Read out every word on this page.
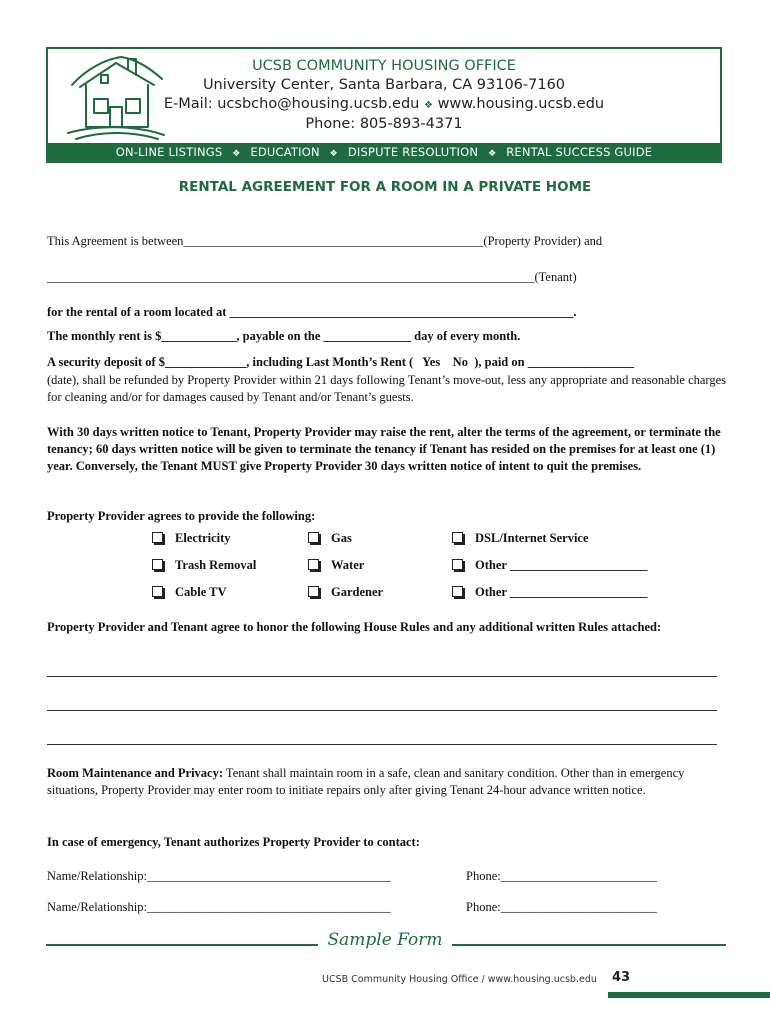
UCSB COMMUNITY HOUSING OFFICE
University Center, Santa Barbara, CA 93106-7160
E-Mail: ucsbcho@housing.ucsb.edu ❖ www.housing.ucsb.edu
Phone: 805-893-4371
ON-LINE LISTINGS ❖ EDUCATION ❖ DISPUTE RESOLUTION ❖ RENTAL SUCCESS GUIDE
RENTAL AGREEMENT FOR A ROOM IN A PRIVATE HOME
This Agreement is between________________________________________________(Property Provider) and
______________________________________________________________________________(Tenant)
for the rental of a room located at _______________________________________________________.
The monthly rent is $____________, payable on the ______________ day of every month.
A security deposit of $_____________, including Last Month’s Rent (   Yes    No  ), paid on _________________
(date), shall be refunded by Property Provider within 21 days following Tenant’s move-out, less any appropriate and reasonable charges for cleaning and/or for damages caused by Tenant and/or Tenant’s guests.
With 30 days written notice to Tenant, Property Provider may raise the rent, alter the terms of the agreement, or terminate the tenancy; 60 days written notice will be given to terminate the tenancy if Tenant has resided on the premises for at least one (1) year. Conversely, the Tenant MUST give Property Provider 30 days written notice of intent to quit the premises.
Property Provider agrees to provide the following:
Electricity
Trash Removal
Cable TV
Gas
Water
Gardener
DSL/Internet Service
Other ______________________
Other ______________________
Property Provider and Tenant agree to honor the following House Rules and any additional written Rules attached:
Room Maintenance and Privacy: Tenant shall maintain room in a safe, clean and sanitary condition. Other than in emergency situations, Property Provider may enter room to initiate repairs only after giving Tenant 24-hour advance written notice.
In case of emergency, Tenant authorizes Property Provider to contact:
Name/Relationship:_______________________________________	Phone:_________________________
Name/Relationship:_______________________________________	Phone:_________________________
Sample Form
UCSB Community Housing Office / www.housing.ucsb.edu 43
